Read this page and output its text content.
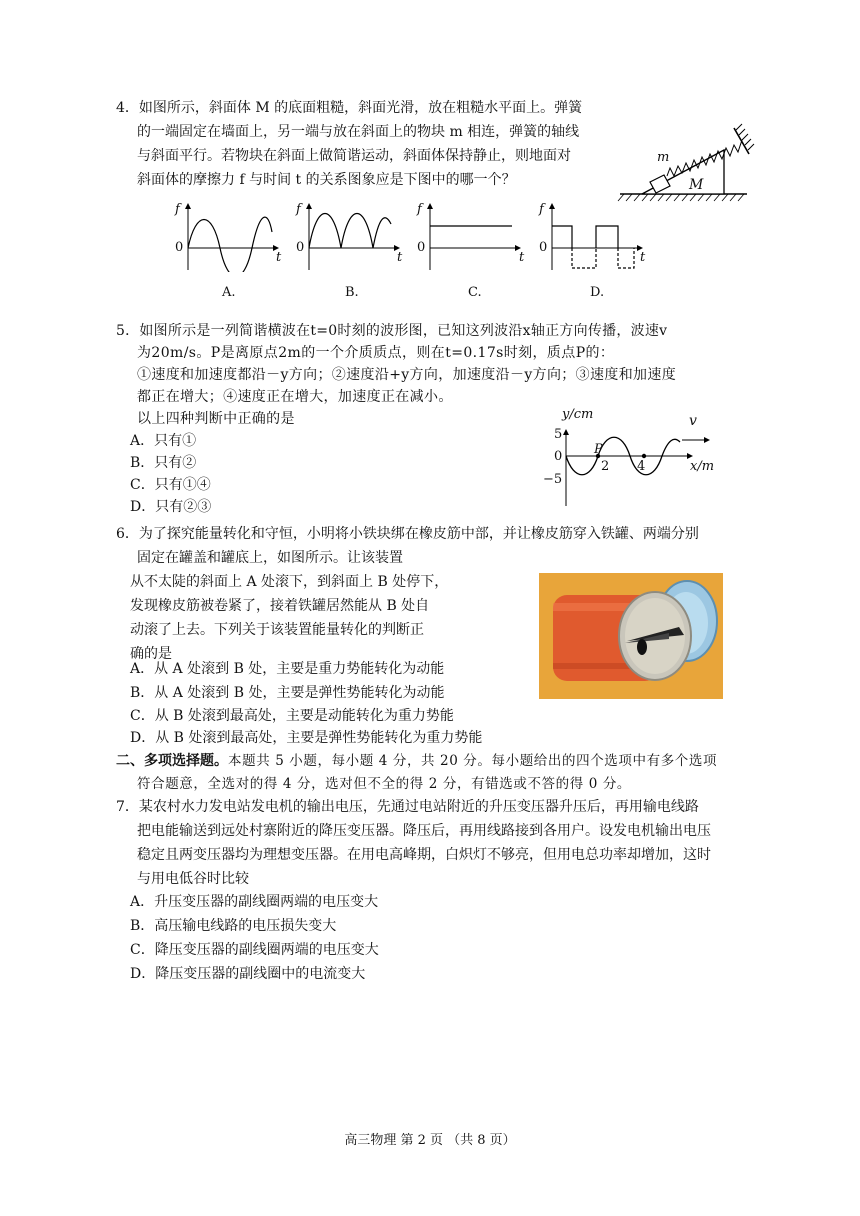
4．如图所示，斜面体 M 的底面粗糙，斜面光滑，放在粗糙水平面上。弹簧
的一端固定在墙面上，另一端与放在斜面上的物块 m 相连，弹簧的轴线
与斜面平行。若物块在斜面上做简谐运动，斜面体保持静止，则地面对
斜面体的摩擦力 f 与时间 t 的关系图象应是下图中的哪一个？
m
M
f
0
t
A.
f
0
t
B.
f
0
t
C.
f
0
t
D.
5．如图所示是一列简谐横波在t=0时刻的波形图，已知这列波沿x轴正方向传播，波速v
为20m/s。P是离原点2m的一个介质质点，则在t=0.17s时刻，质点P的：
①速度和加速度都沿－y方向；②速度沿+y方向，加速度沿－y方向；③速度和加速度
都正在增大；④速度正在增大，加速度正在减小。
以上四种判断中正确的是
A．只有①
B．只有②
C．只有①④
D．只有②③
y/cm	v
5
0
−5
P
2 4	x/m
6．为了探究能量转化和守恒，小明将小铁块绑在橡皮筋中部，并让橡皮筋穿入铁罐、两端分别
固定在罐盖和罐底上，如图所示。让该装置
从不太陡的斜面上 A 处滚下，到斜面上 B 处停下，
发现橡皮筋被卷紧了，接着铁罐居然能从 B 处自
动滚了上去。下列关于该装置能量转化的判断正
确的是
A．从 A 处滚到 B 处，主要是重力势能转化为动能
B．从 A 处滚到 B 处，主要是弹性势能转化为动能
C．从 B 处滚到最高处，主要是动能转化为重力势能
D．从 B 处滚到最高处，主要是弹性势能转化为重力势能
二、多项选择题。本题共 5 小题，每小题 4 分，共 20 分。每小题给出的四个选项中有多个选项
符合题意，全选对的得 4 分，选对但不全的得 2 分，有错选或不答的得 0 分。
7．某农村水力发电站发电机的输出电压，先通过电站附近的升压变压器升压后，再用输电线路
把电能输送到远处村寨附近的降压变压器。降压后，再用线路接到各用户。设发电机输出电压
稳定且两变压器均为理想变压器。在用电高峰期，白炽灯不够亮，但用电总功率却增加，这时
与用电低谷时比较
A．升压变压器的副线圈两端的电压变大
B．高压输电线路的电压损失变大
C．降压变压器的副线圈两端的电压变大
D．降压变压器的副线圈中的电流变大
高三物理 第 2 页 （共 8 页）
